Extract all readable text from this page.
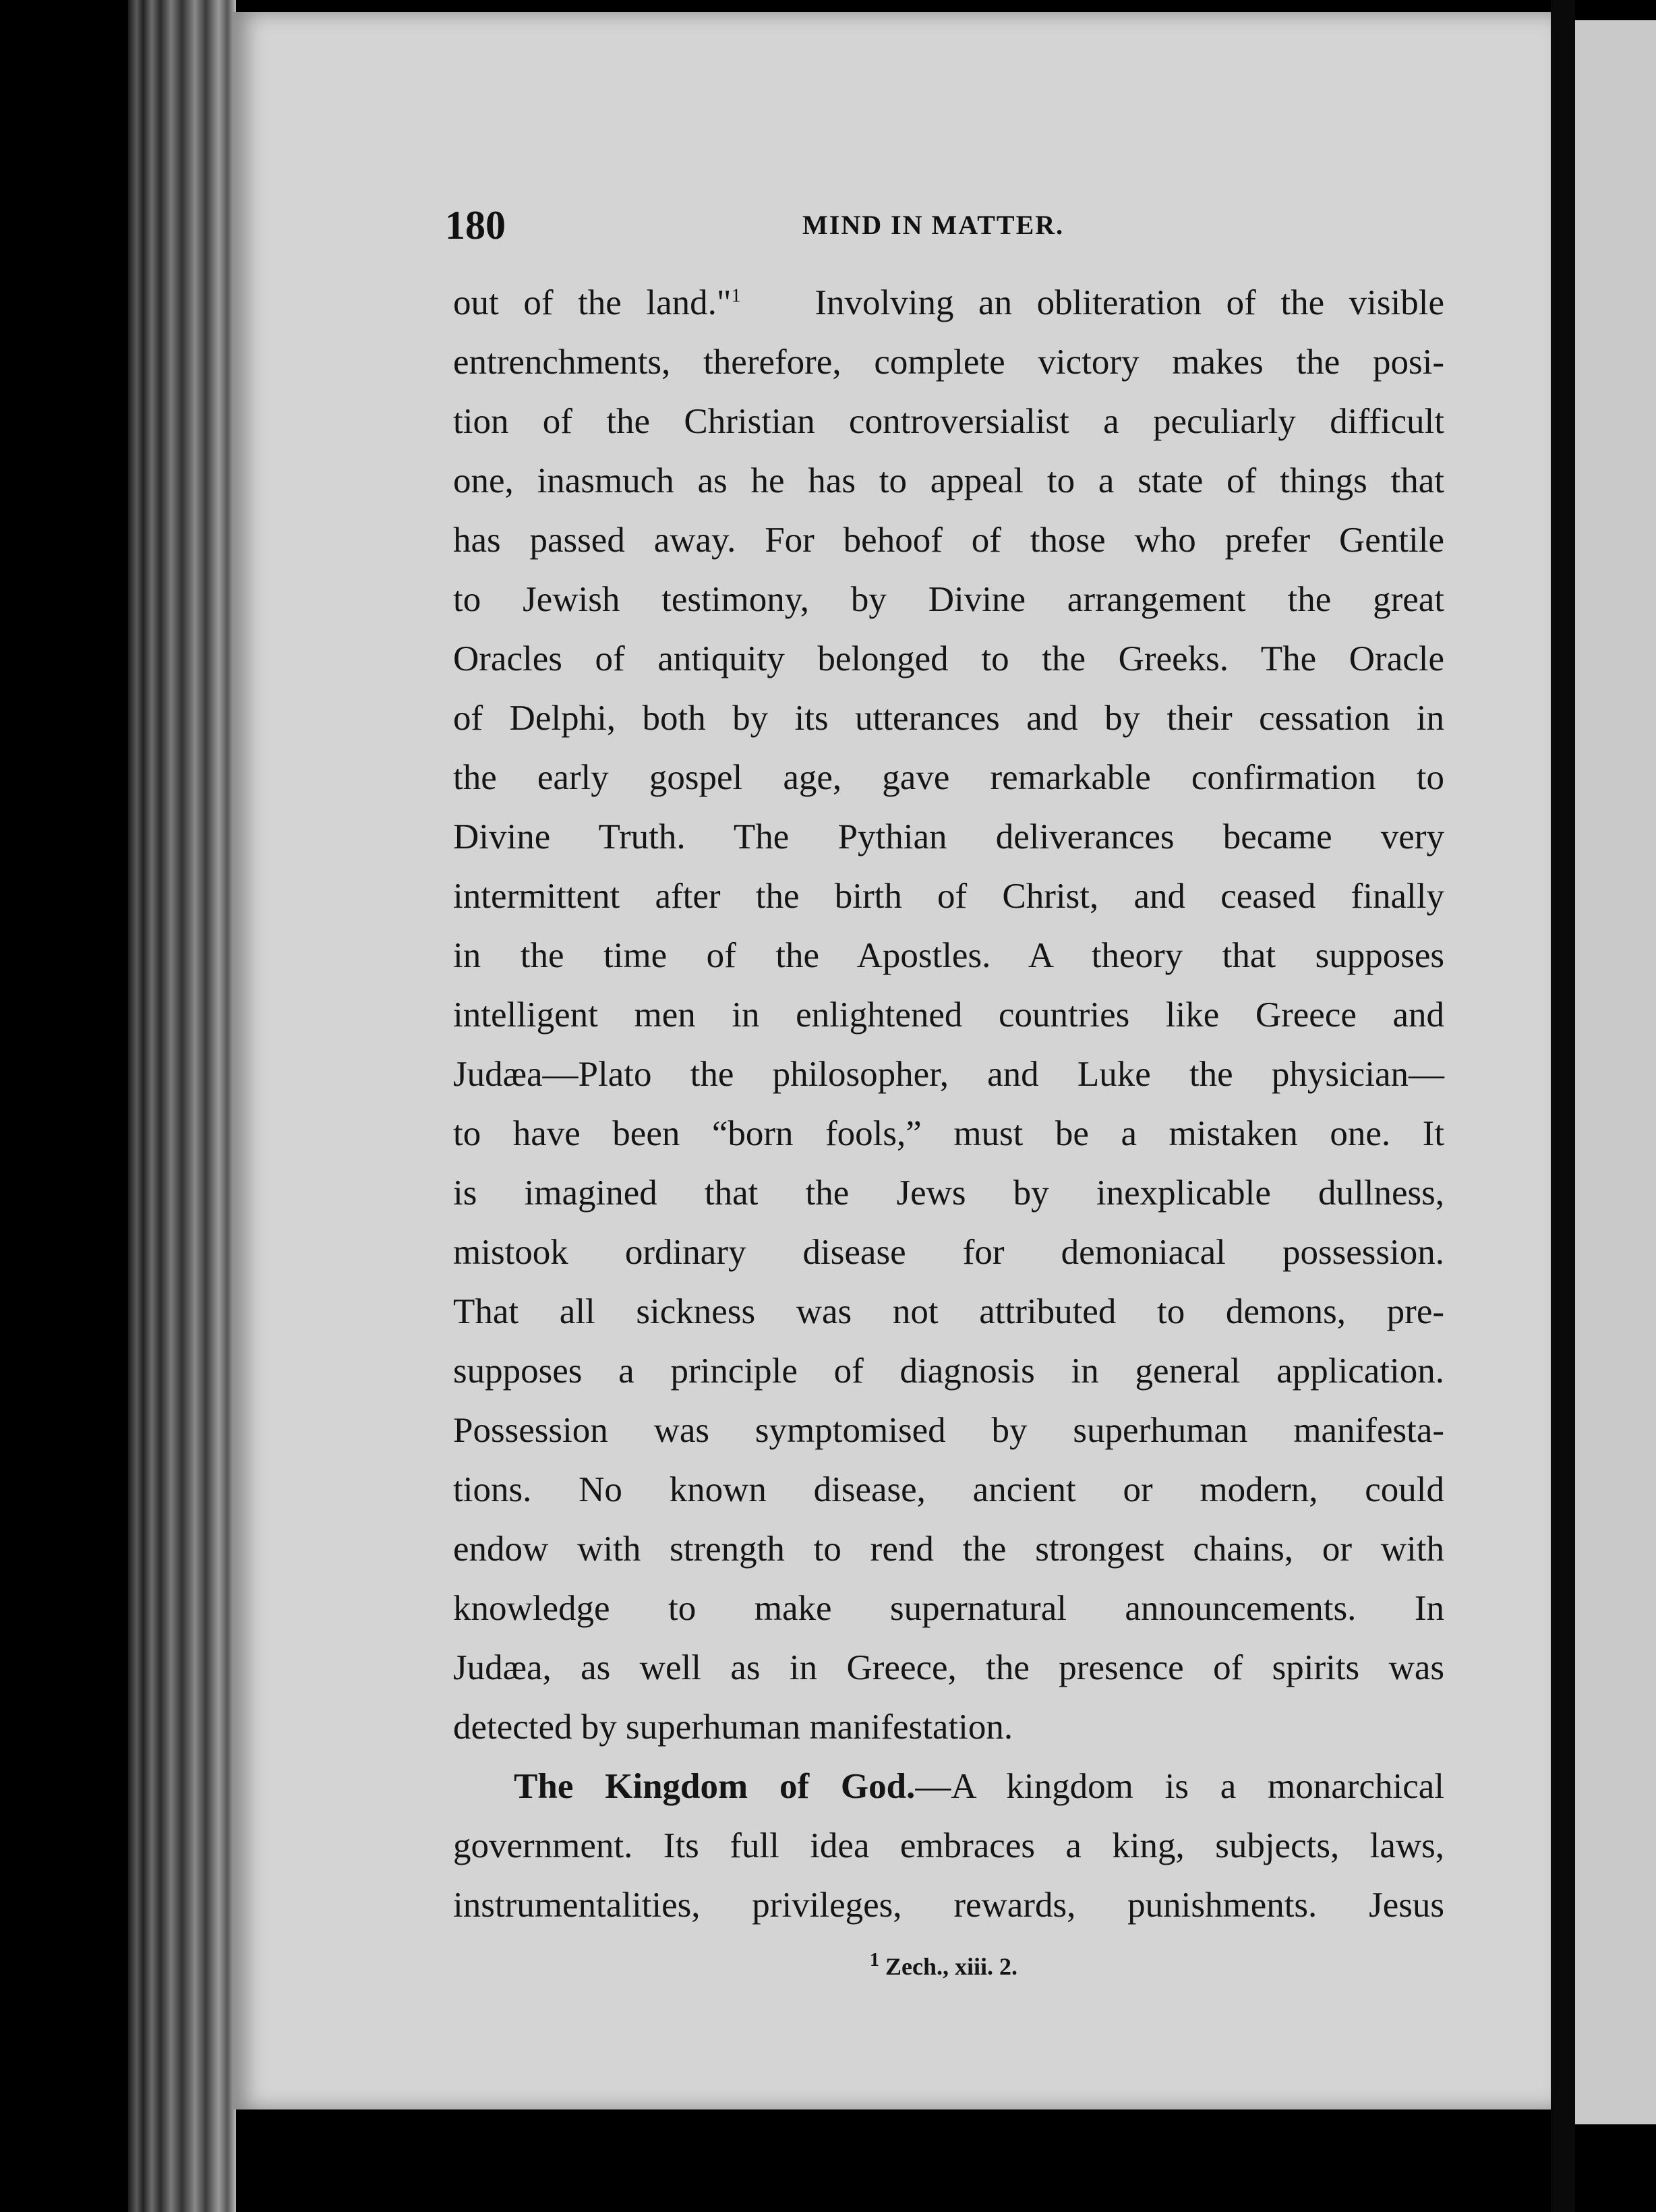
180	MIND IN MATTER.
out of the land."$^1$ Involving an obliteration of the visible
entrenchments, therefore, complete victory makes the posi-
tion of the Christian controversialist a peculiarly difficult
one, inasmuch as he has to appeal to a state of things that
has passed away. For behoof of those who prefer Gentile
to Jewish testimony, by Divine arrangement the great
Oracles of antiquity belonged to the Greeks. The Oracle
of Delphi, both by its utterances and by their cessation in
the early gospel age, gave remarkable confirmation to
Divine Truth. The Pythian deliverances became very
intermittent after the birth of Christ, and ceased finally
in the time of the Apostles. A theory that supposes
intelligent men in enlightened countries like Greece and
Judæa—Plato the philosopher, and Luke the physician—
to have been “born fools,” must be a mistaken one. It
is imagined that the Jews by inexplicable dullness,
mistook ordinary disease for demoniacal possession.
That all sickness was not attributed to demons, pre-
supposes a principle of diagnosis in general application.
Possession was symptomised by superhuman manifesta-
tions. No known disease, ancient or modern, could
endow with strength to rend the strongest chains, or with
knowledge to make supernatural announcements. In
Judæa, as well as in Greece, the presence of spirits was
detected by superhuman manifestation.
The Kingdom of God.—A kingdom is a monarchical
government. Its full idea embraces a king, subjects, laws,
instrumentalities, privileges, rewards, punishments. Jesus
$^1$ Zech., xiii. 2.
